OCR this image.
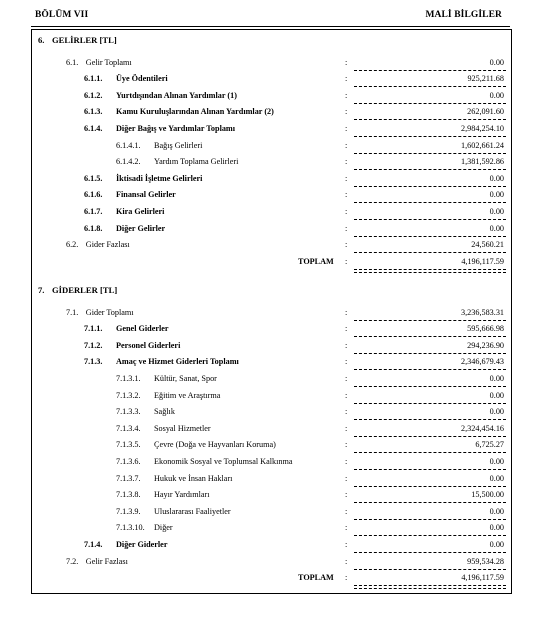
BÖLÜM VII	MALİ BİLGİLER
6. GELİRLER [TL]
6.1. Gelir Toplamı	:	0.00
6.1.1. Üye Ödentileri	:	925,211.68
6.1.2. Yurtdışından Alınan Yardımlar (1)	:	0.00
6.1.3. Kamu Kuruluşlarından Alınan Yardımlar (2)	:	262,091.60
6.1.4. Diğer Bağış ve Yardımlar Toplamı	:	2,984,254.10
6.1.4.1. Bağış Gelirleri	:	1,602,661.24
6.1.4.2. Yardım Toplama Gelirleri	:	1,381,592.86
6.1.5. İktisadi İşletme Gelirleri	:	0.00
6.1.6. Finansal Gelirler	:	0.00
6.1.7. Kira Gelirleri	:	0.00
6.1.8. Diğer Gelirler	:	0.00
6.2. Gider Fazlası	:	24,560.21
TOPLAM :	4,196,117.59
7. GİDERLER [TL]
7.1. Gider Toplamı	:	3,236,583.31
7.1.1. Genel Giderler	:	595,666.98
7.1.2. Personel Giderleri	:	294,236.90
7.1.3. Amaç ve Hizmet Giderleri Toplamı	:	2,346,679.43
7.1.3.1. Kültür, Sanat, Spor	:	0.00
7.1.3.2. Eğitim ve Araştırma	:	0.00
7.1.3.3. Sağlık	:	0.00
7.1.3.4. Sosyal Hizmetler	:	2,324,454.16
7.1.3.5. Çevre (Doğa ve Hayvanları Koruma)	:	6,725.27
7.1.3.6. Ekonomik Sosyal ve Toplumsal Kalkınma	:	0.00
7.1.3.7. Hukuk ve İnsan Hakları	:	0.00
7.1.3.8. Hayır Yardımları	:	15,500.00
7.1.3.9. Uluslararası Faaliyetler	:	0.00
7.1.3.10. Diğer	:	0.00
7.1.4. Diğer Giderler	:	0.00
7.2. Gelir Fazlası	:	959,534.28
TOPLAM :	4,196,117.59
